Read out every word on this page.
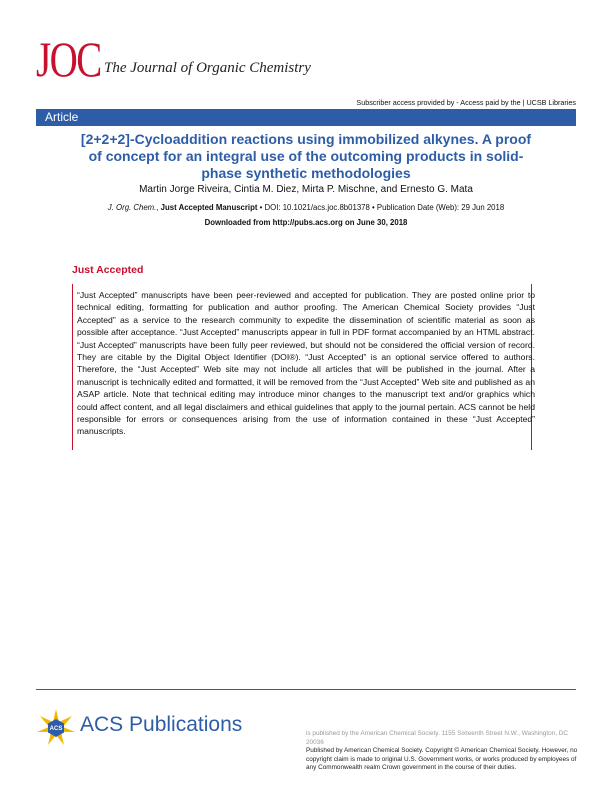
JOC The Journal of Organic Chemistry
Subscriber access provided by - Access paid by the | UCSB Libraries
Article
[2+2+2]-Cycloaddition reactions using immobilized alkynes. A proof of concept for an integral use of the outcoming products in solid-phase synthetic methodologies
Martin Jorge Riveira, Cintia M. Diez, Mirta P. Mischne, and Ernesto G. Mata
J. Org. Chem., Just Accepted Manuscript • DOI: 10.1021/acs.joc.8b01378 • Publication Date (Web): 29 Jun 2018
Downloaded from http://pubs.acs.org on June 30, 2018
Just Accepted
“Just Accepted” manuscripts have been peer-reviewed and accepted for publication. They are posted online prior to technical editing, formatting for publication and author proofing. The American Chemical Society provides “Just Accepted” as a service to the research community to expedite the dissemination of scientific material as soon as possible after acceptance. “Just Accepted” manuscripts appear in full in PDF format accompanied by an HTML abstract. “Just Accepted” manuscripts have been fully peer reviewed, but should not be considered the official version of record. They are citable by the Digital Object Identifier (DOI®). “Just Accepted” is an optional service offered to authors. Therefore, the “Just Accepted” Web site may not include all articles that will be published in the journal. After a manuscript is technically edited and formatted, it will be removed from the “Just Accepted” Web site and published as an ASAP article. Note that technical editing may introduce minor changes to the manuscript text and/or graphics which could affect content, and all legal disclaimers and ethical guidelines that apply to the journal pertain. ACS cannot be held responsible for errors or consequences arising from the use of information contained in these “Just Accepted” manuscripts.
ACS ACS Publications	is published by the American Chemical Society. 1155 Sixteenth Street N.W., Washington, DC 20036
Published by American Chemical Society. Copyright © American Chemical Society. However, no copyright claim is made to original U.S. Government works, or works produced by employees of any Commonwealth realm Crown government in the course of their duties.
